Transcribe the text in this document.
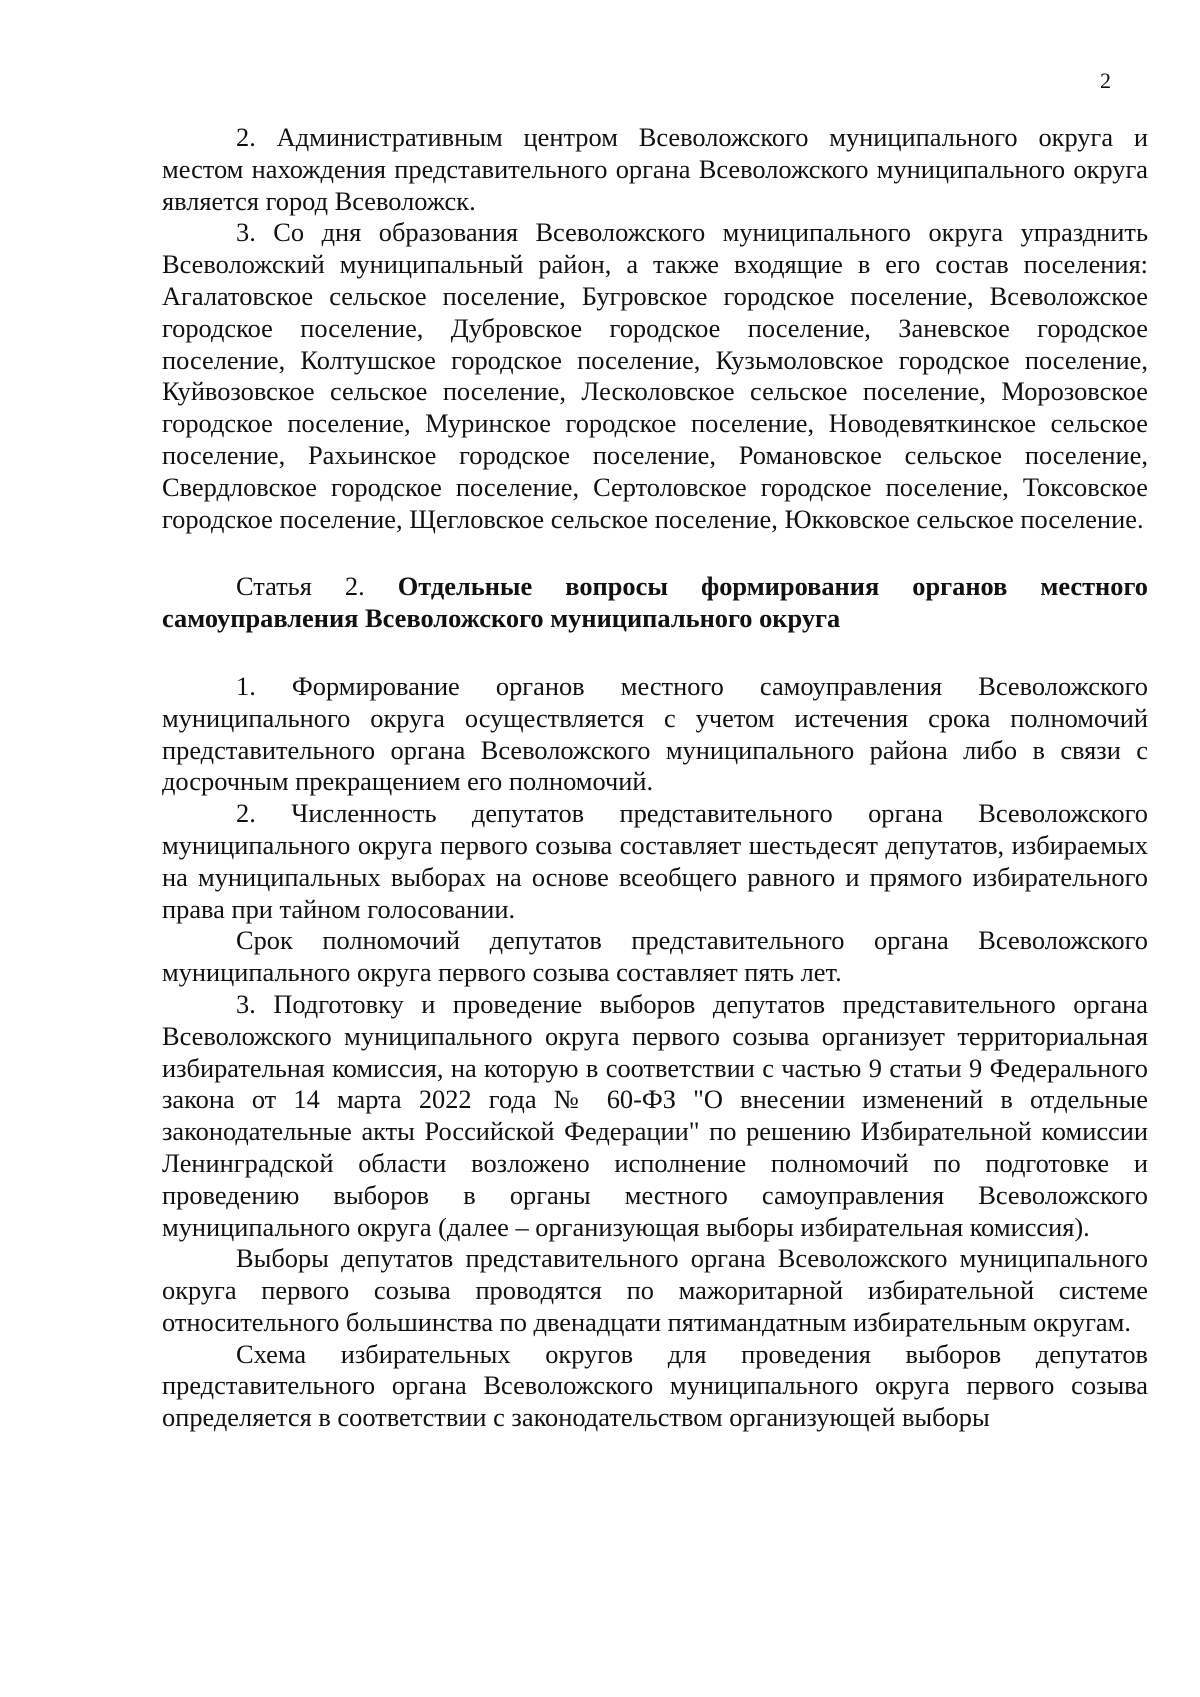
2

2. Административным центром Всеволожского муниципального округа и местом нахождения представительного органа Всеволожского муниципального округа является город Всеволожск.

3. Со дня образования Всеволожского муниципального округа упразднить Всеволожский муниципальный район, а также входящие в его состав поселения: Агалатовское сельское поселение, Бугровское городское поселение, Всеволожское городское поселение, Дубровское городское поселение, Заневское городское поселение, Колтушское городское поселение, Кузьмоловское городское поселение, Куйвозовское сельское поселение, Лесколовское сельское поселение, Морозовское городское поселение, Муринское городское поселение, Новодевяткинское сельское поселение, Рахьинское городское поселение, Романовское сельское поселение, Свердловское городское поселение, Сертоловское городское поселение, Токсовское городское поселение, Щегловское сельское поселение, Юкковское сельское поселение.

Статья 2. Отдельные вопросы формирования органов местного самоуправления Всеволожского муниципального округа

1. Формирование органов местного самоуправления Всеволожского муниципального округа осуществляется с учетом истечения срока полномочий представительного органа Всеволожского муниципального района либо в связи с досрочным прекращением его полномочий.

2. Численность депутатов представительного органа Всеволожского муниципального округа первого созыва составляет шестьдесят депутатов, избираемых на муниципальных выборах на основе всеобщего равного и прямого избирательного права при тайном голосовании.

Срок полномочий депутатов представительного органа Всеволожского муниципального округа первого созыва составляет пять лет.

3. Подготовку и проведение выборов депутатов представительного органа Всеволожского муниципального округа первого созыва организует территориальная избирательная комиссия, на которую в соответствии с частью 9 статьи 9 Федерального закона от 14 марта 2022 года № 60-ФЗ "О внесении изменений в отдельные законодательные акты Российской Федерации" по решению Избирательной комиссии Ленинградской области возложено исполнение полномочий по подготовке и проведению выборов в органы местного самоуправления Всеволожского муниципального округа (далее – организующая выборы избирательная комиссия).

Выборы депутатов представительного органа Всеволожского муниципального округа первого созыва проводятся по мажоритарной избирательной системе относительного большинства по двенадцати пятимандатным избирательным округам.

Схема избирательных округов для проведения выборов депутатов представительного органа Всеволожского муниципального округа первого созыва определяется в соответствии с законодательством организующей выборы
